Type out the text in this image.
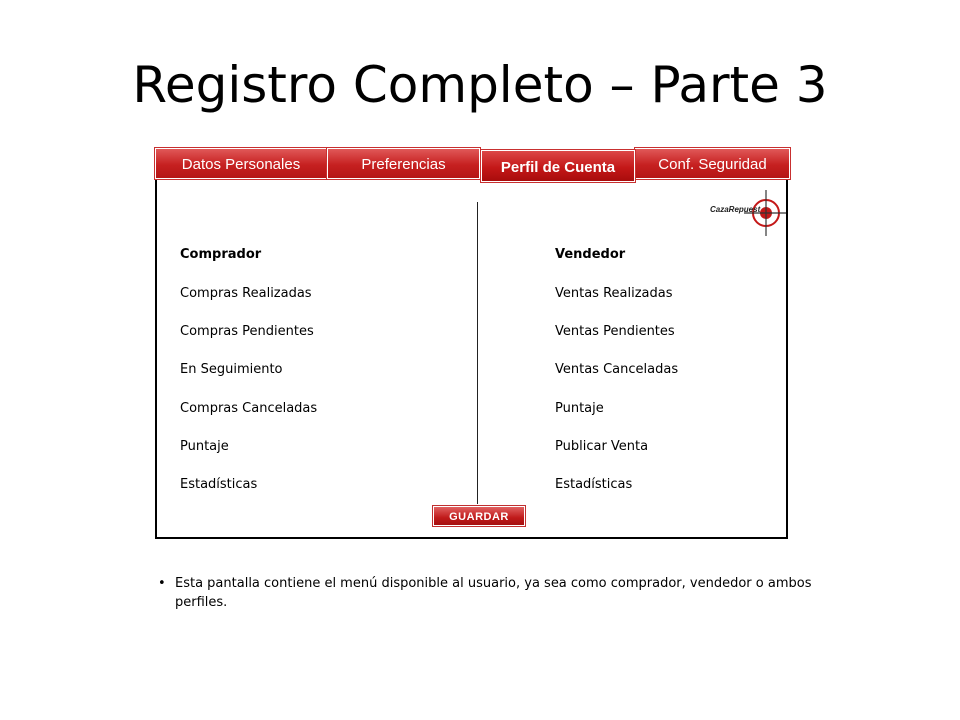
Registro Completo – Parte 3
Datos Personales	Preferencias	Conf. Seguridad
Perfil de Cuenta
CazaRepuest
Comprador
Compras Realizadas
Compras Pendientes
En Seguimiento
Compras Canceladas
Puntaje
Estadísticas
Vendedor
Ventas Realizadas
Ventas Pendientes
Ventas Canceladas
Puntaje
Publicar Venta
Estadísticas
GUARDAR
• Esta pantalla contiene el menú disponible al usuario, ya sea como comprador, vendedor o ambos perfiles.
